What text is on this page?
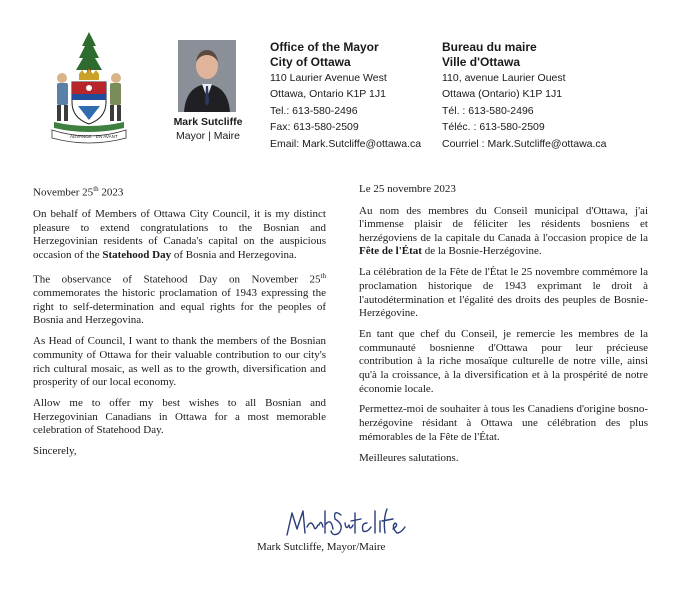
ADVANCE EN AVANT
Mark Sutcliffe
Mayor | Maire
Office of the Mayor
City of Ottawa
110 Laurier Avenue West
Ottawa, Ontario K1P 1J1
Tel.: 613-580-2496
Fax: 613-580-2509
Email: Mark.Sutcliffe@ottawa.ca
Bureau du maire
Ville d'Ottawa
110, avenue Laurier Ouest
Ottawa (Ontario) K1P 1J1
Tél. : 613-580-2496
Téléc. : 613-580-2509
Courriel : Mark.Sutcliffe@ottawa.ca
November 25th 2023

On behalf of Members of Ottawa City Council, it is my distinct pleasure to extend congratulations to the Bosnian and Herzegovinian residents of Canada's capital on the auspicious occasion of the Statehood Day of Bosnia and Herzegovina.

The observance of Statehood Day on November 25th commemorates the historic proclamation of 1943 expressing the right to self-determination and equal rights for the peoples of Bosnia and Herzegovina.

As Head of Council, I want to thank the members of the Bosnian community of Ottawa for their valuable contribution to our city's rich cultural mosaic, as well as to the growth, diversification and prosperity of our local economy.

Allow me to offer my best wishes to all Bosnian and Herzegovinian Canadians in Ottawa for a most memorable celebration of Statehood Day.

Sincerely,

Le 25 novembre 2023

Au nom des membres du Conseil municipal d'Ottawa, j'ai l'immense plaisir de féliciter les résidents bosniens et herzégoviens de la capitale du Canada à l'occasion propice de la Fête de l'État de la Bosnie-Herzégovine.

La célébration de la Fête de l'État le 25 novembre commémore la proclamation historique de 1943 exprimant le droit à l'autodétermination et l'égalité des droits des peuples de Bosnie-Herzégovine.

En tant que chef du Conseil, je remercie les membres de la communauté bosnienne d'Ottawa pour leur précieuse contribution à la riche mosaïque culturelle de notre ville, ainsi qu'à la croissance, à la diversification et à la prospérité de notre économie locale.

Permettez-moi de souhaiter à tous les Canadiens d'origine bosno-herzégovine résidant à Ottawa une célébration des plus mémorables de la Fête de l'État.

Meilleures salutations.

Mark Sutcliffe, Mayor/Maire
